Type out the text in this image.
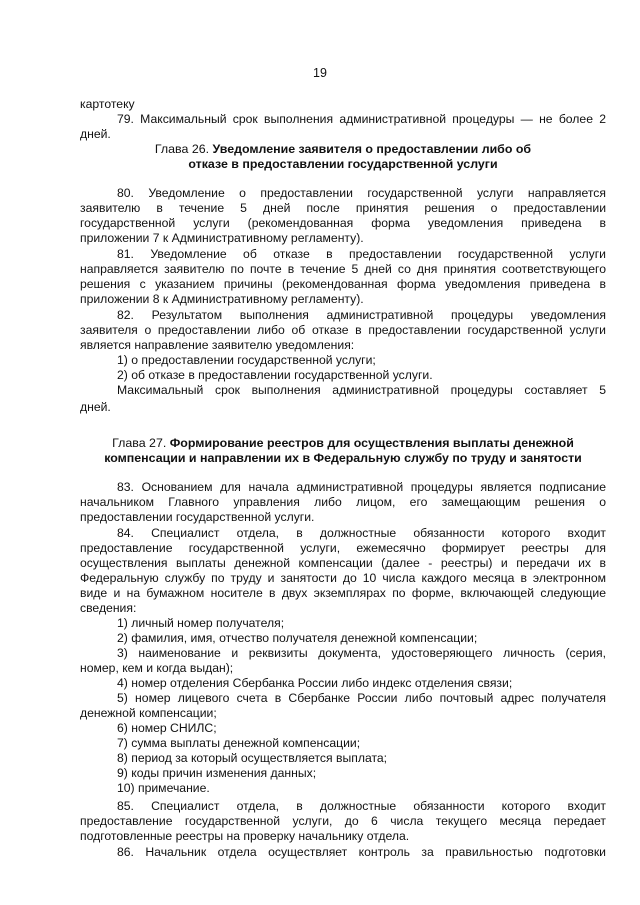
19
картотеку
79. Максимальный срок выполнения административной процедуры — не более 2
дней.
Глава 26. Уведомление заявителя о предоставлении либо об
отказе в предоставлении государственной услуги
80. Уведомление о предоставлении государственной услуги направляется
заявителю в течение 5 дней после принятия решения о предоставлении
государственной услуги (рекомендованная форма уведомления приведена в
приложении 7 к Административному регламенту).
81. Уведомление об отказе в предоставлении государственной услуги
направляется заявителю по почте в течение 5 дней со дня принятия соответствующего
решения с указанием причины (рекомендованная форма уведомления приведена в
приложении 8 к Административному регламенту).
82. Результатом выполнения административной процедуры уведомления
заявителя о предоставлении либо об отказе в предоставлении государственной услуги
является направление заявителю уведомления:
1) о предоставлении государственной услуги;
2) об отказе в предоставлении государственной услуги.
Максимальный срок выполнения административной процедуры составляет 5
дней.
Глава 27. Формирование реестров для осуществления выплаты денежной
компенсации и направлении их в Федеральную службу по труду и занятости
83. Основанием для начала административной процедуры является подписание
начальником Главного управления либо лицом, его замещающим решения о
предоставлении государственной услуги.
84. Специалист отдела, в должностные обязанности которого входит
предоставление государственной услуги, ежемесячно формирует реестры для
осуществления выплаты денежной компенсации (далее - реестры) и передачи их в
Федеральную службу по труду и занятости до 10 числа каждого месяца в электронном
виде и на бумажном носителе в двух экземплярах по форме, включающей следующие
сведения:
1) личный номер получателя;
2) фамилия, имя, отчество получателя денежной компенсации;
3) наименование и реквизиты документа, удостоверяющего личность (серия,
номер, кем и когда выдан);
4) номер отделения Сбербанка России либо индекс отделения связи;
5) номер лицевого счета в Сбербанке России либо почтовый адрес получателя
денежной компенсации;
6) номер СНИЛС;
7) сумма выплаты денежной компенсации;
8) период за который осуществляется выплата;
9) коды причин изменения данных;
10) примечание.
85. Специалист отдела, в должностные обязанности которого входит
предоставление государственной услуги, до 6 числа текущего месяца передает
подготовленные реестры на проверку начальнику отдела.
86. Начальник отдела осуществляет контроль за правильностью подготовки
